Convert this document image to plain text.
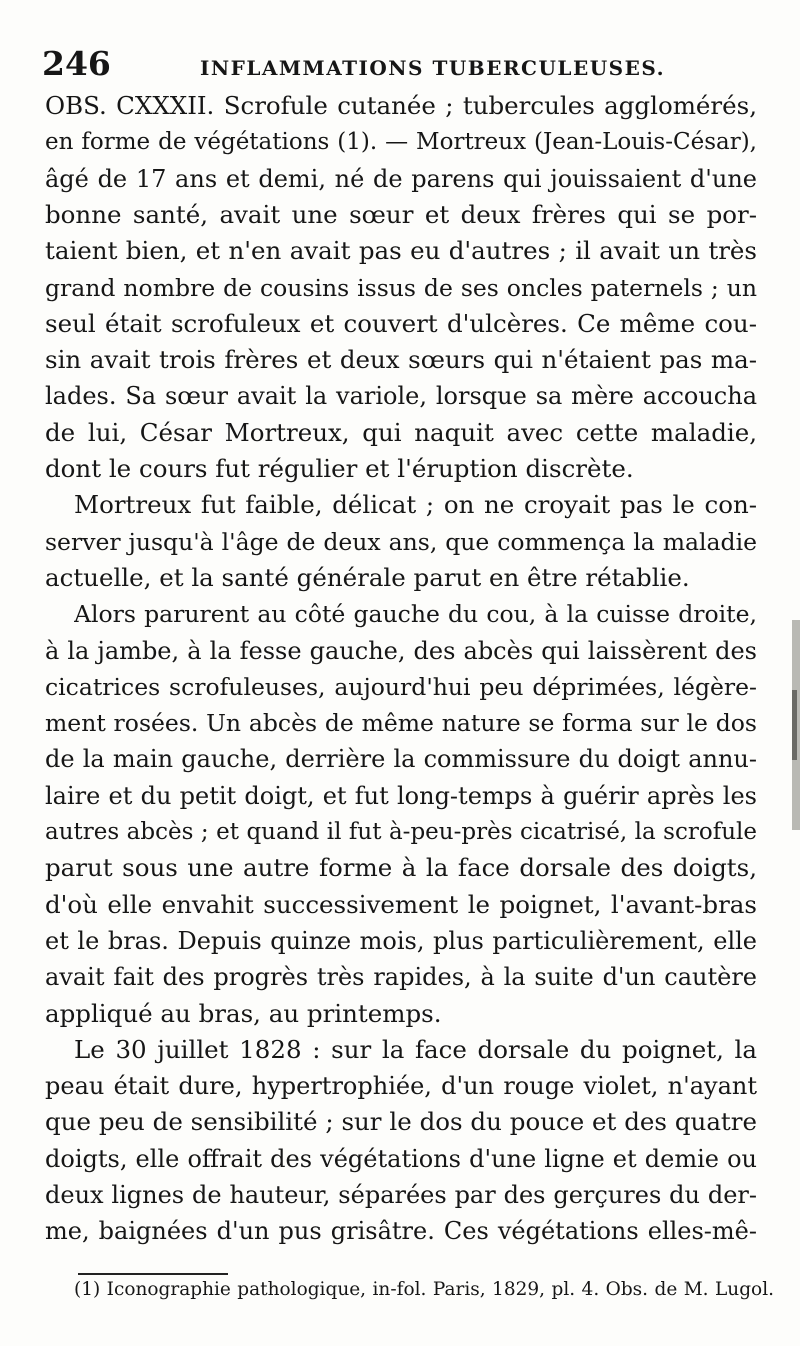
246	INFLAMMATIONS TUBERCULEUSES.
OBS. CXXXII. Scrofule cutanée ; tubercules agglomérés,
en forme de végétations (1). — Mortreux (Jean-Louis-César),
âgé de 17 ans et demi, né de parens qui jouissaient d'une
bonne santé, avait une sœur et deux frères qui se por-
taient bien, et n'en avait pas eu d'autres ; il avait un très
grand nombre de cousins issus de ses oncles paternels ; un
seul était scrofuleux et couvert d'ulcères. Ce même cou-
sin avait trois frères et deux sœurs qui n'étaient pas ma-
lades. Sa sœur avait la variole, lorsque sa mère accoucha
de lui, César Mortreux, qui naquit avec cette maladie,
dont le cours fut régulier et l'éruption discrète.
Mortreux fut faible, délicat ; on ne croyait pas le con-
server jusqu'à l'âge de deux ans, que commença la maladie
actuelle, et la santé générale parut en être rétablie.
Alors parurent au côté gauche du cou, à la cuisse droite,
à la jambe, à la fesse gauche, des abcès qui laissèrent des
cicatrices scrofuleuses, aujourd'hui peu déprimées, légère-
ment rosées. Un abcès de même nature se forma sur le dos
de la main gauche, derrière la commissure du doigt annu-
laire et du petit doigt, et fut long-temps à guérir après les
autres abcès ; et quand il fut à-peu-près cicatrisé, la scrofule
parut sous une autre forme à la face dorsale des doigts,
d'où elle envahit successivement le poignet, l'avant-bras
et le bras. Depuis quinze mois, plus particulièrement, elle
avait fait des progrès très rapides, à la suite d'un cautère
appliqué au bras, au printemps.
Le 30 juillet 1828 : sur la face dorsale du poignet, la
peau était dure, hypertrophiée, d'un rouge violet, n'ayant
que peu de sensibilité ; sur le dos du pouce et des quatre
doigts, elle offrait des végétations d'une ligne et demie ou
deux lignes de hauteur, séparées par des gerçures du der-
me, baignées d'un pus grisâtre. Ces végétations elles-mê-
(1) Iconographie pathologique, in-fol. Paris, 1829, pl. 4. Obs. de M. Lugol.
